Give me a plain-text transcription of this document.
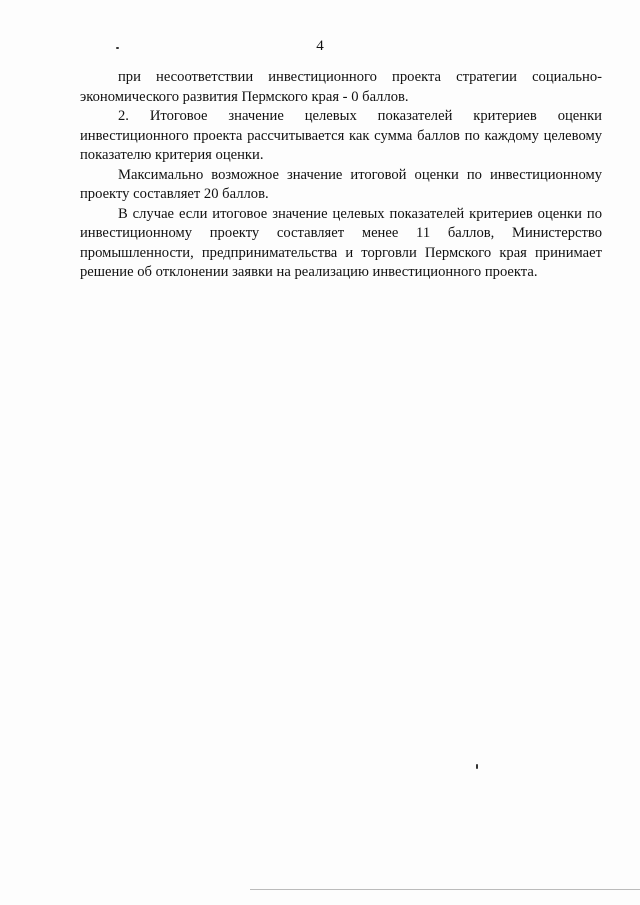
4

при несоответствии инвестиционного проекта стратегии социально-экономического развития Пермского края - 0 баллов.

2. Итоговое значение целевых показателей критериев оценки инвестиционного проекта рассчитывается как сумма баллов по каждому целевому показателю критерия оценки.

Максимально возможное значение итоговой оценки по инвестиционному проекту составляет 20 баллов.

В случае если итоговое значение целевых показателей критериев оценки по инвестиционному проекту составляет менее 11 баллов, Министерство промышленности, предпринимательства и торговли Пермского края принимает решение об отклонении заявки на реализацию инвестиционного проекта.
